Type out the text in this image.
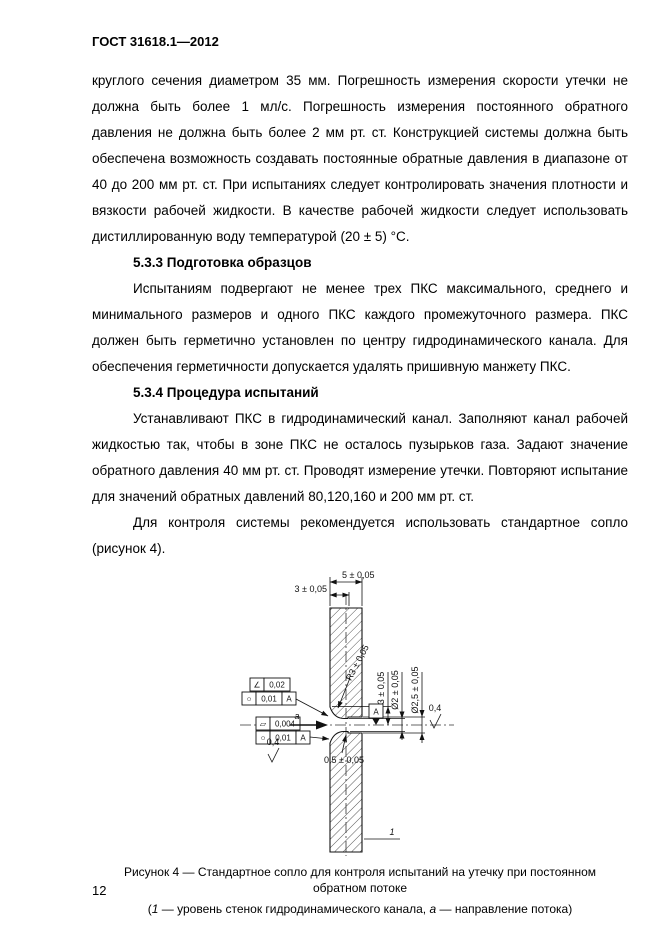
ГОСТ 31618.1—2012

круглого сечения диаметром 35 мм. Погрешность измерения скорости утечки не должна быть более 1 мл/с. Погрешность измерения постоянного обратного давления не должна быть более 2 мм рт. ст. Конструкцией системы должна быть обеспечена возможность создавать постоянные обратные давления в диапазоне от 40 до 200 мм рт. ст. При испытаниях следует контролировать значения плотности и вязкости рабочей жидкости. В качестве рабочей жидкости следует использовать дистиллированную воду температурой (20 ± 5) °С.

5.3.3 Подготовка образцов

Испытаниям подвергают не менее трех ПКС максимального, среднего и минимального размеров и одного ПКС каждого промежуточного размера. ПКС должен быть герметично установлен по центру гидродинамического канала. Для обеспечения герметичности допускается удалять пришивную манжету ПКС.

5.3.4 Процедура испытаний

Устанавливают ПКС в гидродинамический канал. Заполняют канал рабочей жидкостью так, чтобы в зоне ПКС не осталось пузырьков газа. Задают значение обратного давления 40 мм рт. ст. Проводят измерение утечки. Повторяют испытание для значений обратных давлений 80,120,160 и 200 мм рт. ст.

Для контроля системы рекомендуется использовать стандартное сопло (рисунок 4).

5 ± 0,05
3 ± 0,05
R3 ± 0,05
3 ± 0,05 Ø2 ± 0,05 Ø2,5 ± 0,05
A	0,4
∠ 0,02
○ 0,01 A
⏥ 0,004
○ 0,01 A
0,4
0,5 ± 0,05
а
1
Рисунок 4 — Стандартное сопло для контроля испытаний на утечку при постоянном обратном потоке
(1 — уровень стенок гидродинамического канала, а — направление потока)
12
